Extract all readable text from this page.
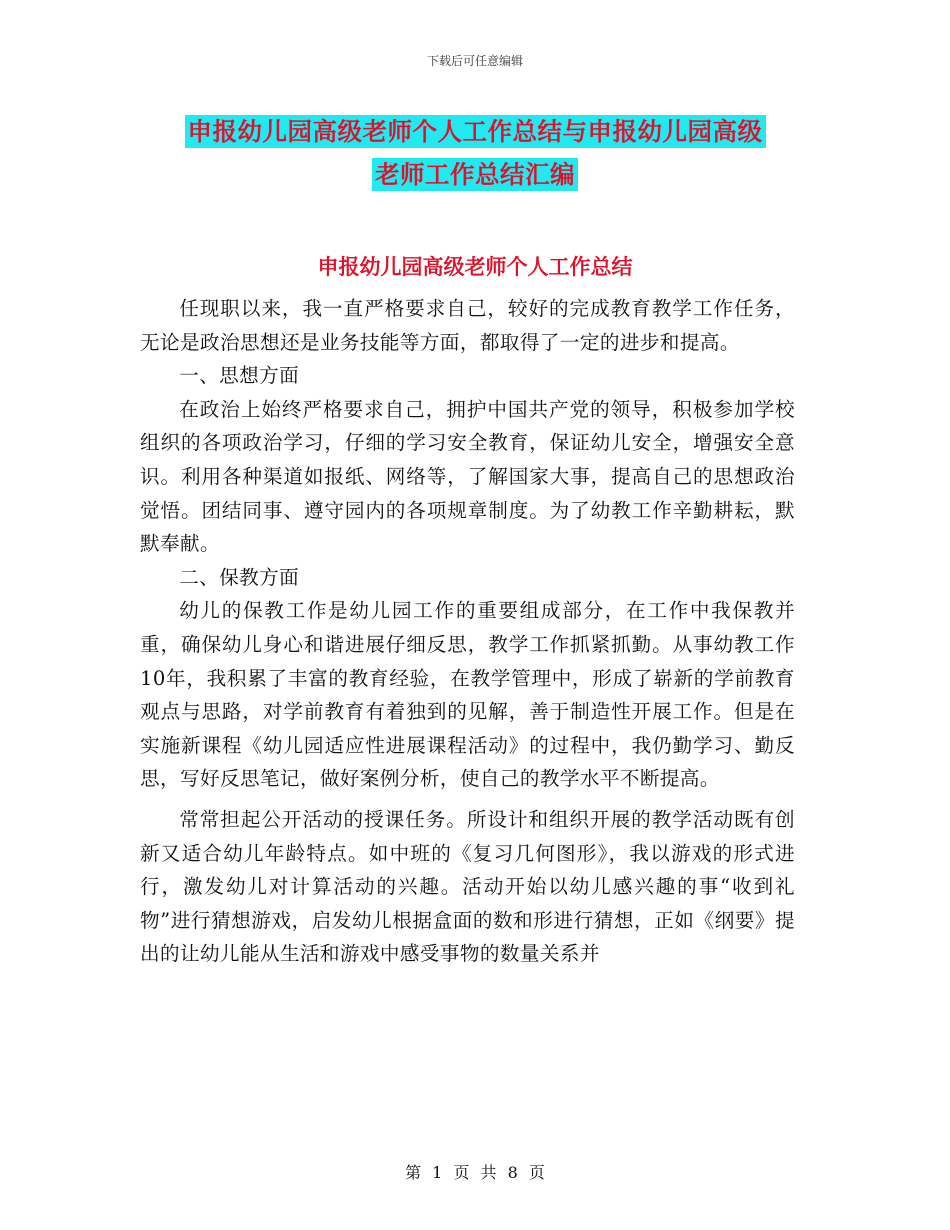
下载后可任意编辑
申报幼儿园高级老师个人工作总结与申报幼儿园高级
老师工作总结汇编
申报幼儿园高级老师个人工作总结

任现职以来，我一直严格要求自己，较好的完成教育教学工作任务，无论是政治思想还是业务技能等方面，都取得了一定的进步和提高。

一、思想方面

在政治上始终严格要求自己，拥护中国共产党的领导，积极参加学校组织的各项政治学习，仔细的学习安全教育，保证幼儿安全，增强安全意识。利用各种渠道如报纸、网络等，了解国家大事，提高自己的思想政治觉悟。团结同事、遵守园内的各项规章制度。为了幼教工作辛勤耕耘，默默奉献。

二、保教方面

幼儿的保教工作是幼儿园工作的重要组成部分，在工作中我保教并重，确保幼儿身心和谐进展仔细反思，教学工作抓紧抓勤。从事幼教工作10年，我积累了丰富的教育经验，在教学管理中，形成了崭新的学前教育观点与思路，对学前教育有着独到的见解，善于制造性开展工作。但是在实施新课程《幼儿园适应性进展课程活动》的过程中，我仍勤学习、勤反思，写好反思笔记，做好案例分析，使自己的教学水平不断提高。

常常担起公开活动的授课任务。所设计和组织开展的教学活动既有创新又适合幼儿年龄特点。如中班的《复习几何图形》，我以游戏的形式进行，激发幼儿对计算活动的兴趣。活动开始以幼儿感兴趣的事“收到礼物”进行猜想游戏，启发幼儿根据盒面的数和形进行猜想，正如《纲要》提出的让幼儿能从生活和游戏中感受事物的数量关系并

第 1 页 共 8 页
